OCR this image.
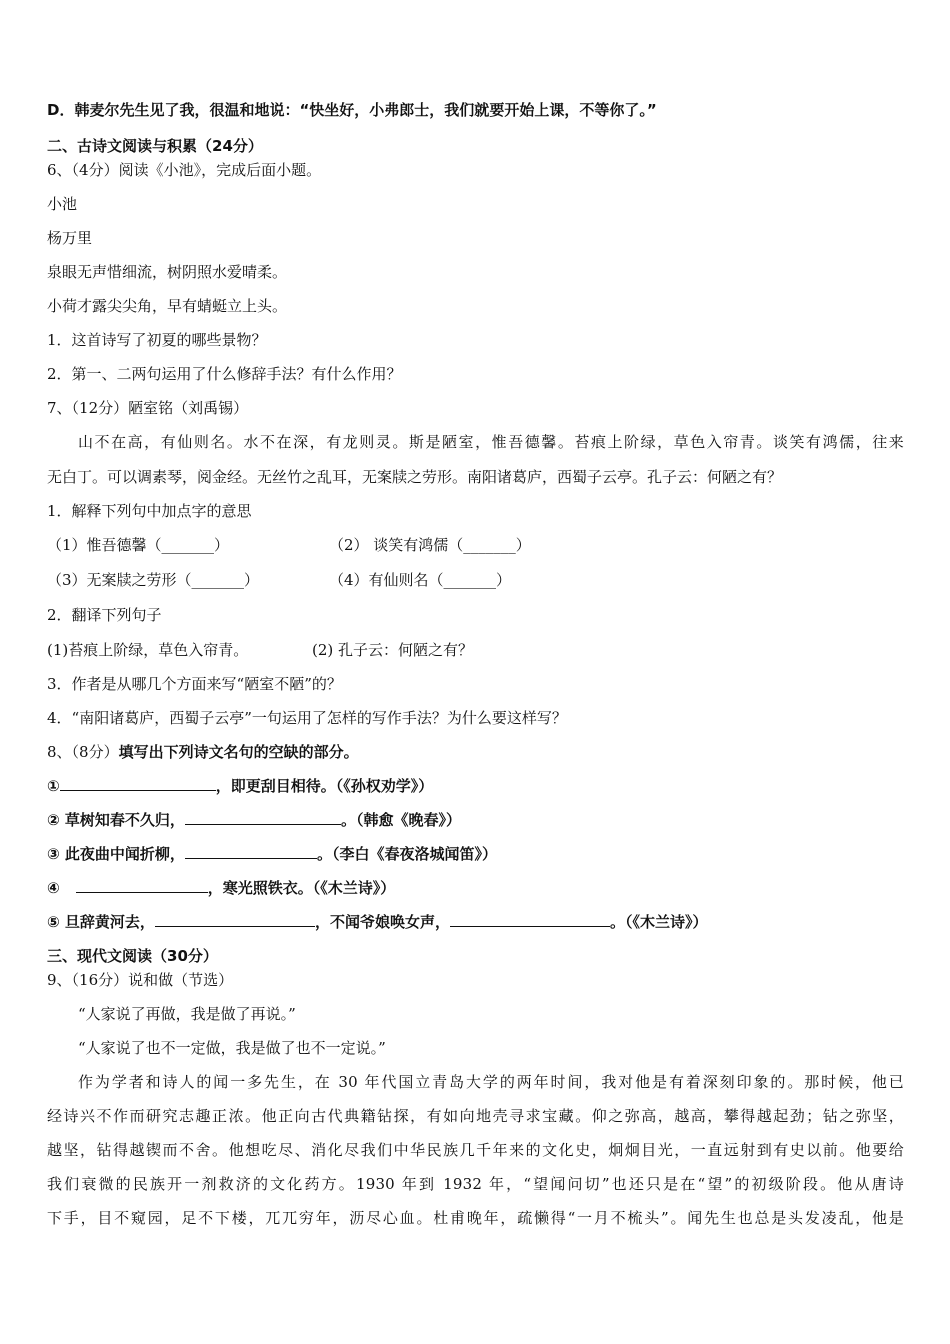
D．韩麦尔先生见了我，很温和地说：“快坐好，小弗郎士，我们就要开始上课，不等你了。”
二、古诗文阅读与积累（24分）
6、（4分）阅读《小池》，完成后面小题。
小池
杨万里
泉眼无声惜细流，树阴照水爱晴柔。
小荷才露尖尖角，早有蜻蜓立上头。
1．这首诗写了初夏的哪些景物？
2．第一、二两句运用了什么修辞手法？有什么作用？
7、（12分）陋室铭（刘禹锡）
山不在高，有仙则名。水不在深，有龙则灵。斯是陋室，惟吾德馨。苔痕上阶绿，草色入帘青。谈笑有鸿儒，往来
无白丁。可以调素琴，阅金经。无丝竹之乱耳，无案牍之劳形。南阳诸葛庐，西蜀子云亭。孔子云：何陋之有？
1．解释下列句中加点字的意思
（1）惟吾德馨（_______）	（2） 谈笑有鸿儒（_______）
（3）无案牍之劳形（_______）	（4）有仙则名（_______）
2．翻译下列句子
(1)苔痕上阶绿，草色入帘青。	(2) 孔子云：何陋之有？
3．作者是从哪几个方面来写“陋室不陋”的？
4．“南阳诸葛庐，西蜀子云亭”一句运用了怎样的写作手法？为什么要这样写？
8、（8分）填写出下列诗文名句的空缺的部分。
①	，即更刮目相待。（《孙权劝学》）
② 草树知春不久归，	。（韩愈《晚春》）
③ 此夜曲中闻折柳，	。（李白《春夜洛城闻笛》）
④	，寒光照铁衣。（《木兰诗》）
⑤ 旦辞黄河去，	，不闻爷娘唤女声，	。（《木兰诗》）
三、现代文阅读（30分）
9、（16分）说和做（节选）
“人家说了再做，我是做了再说。”
“人家说了也不一定做，我是做了也不一定说。”
作为学者和诗人的闻一多先生，在 30 年代国立青岛大学的两年时间，我对他是有着深刻印象的。那时候，他已
经诗兴不作而研究志趣正浓。他正向古代典籍钻探，有如向地壳寻求宝藏。仰之弥高，越高，攀得越起劲；钻之弥坚，
越坚，钻得越锲而不舍。他想吃尽、消化尽我们中华民族几千年来的文化史，炯炯目光，一直远射到有史以前。他要给
我们衰微的民族开一剂救济的文化药方。1930 年到 1932 年，“望闻问切”也还只是在“望”的初级阶段。他从唐诗
下手，目不窥园，足不下楼，兀兀穷年，沥尽心血。杜甫晚年，疏懒得“一月不梳头”。闻先生也总是头发凌乱，他是
